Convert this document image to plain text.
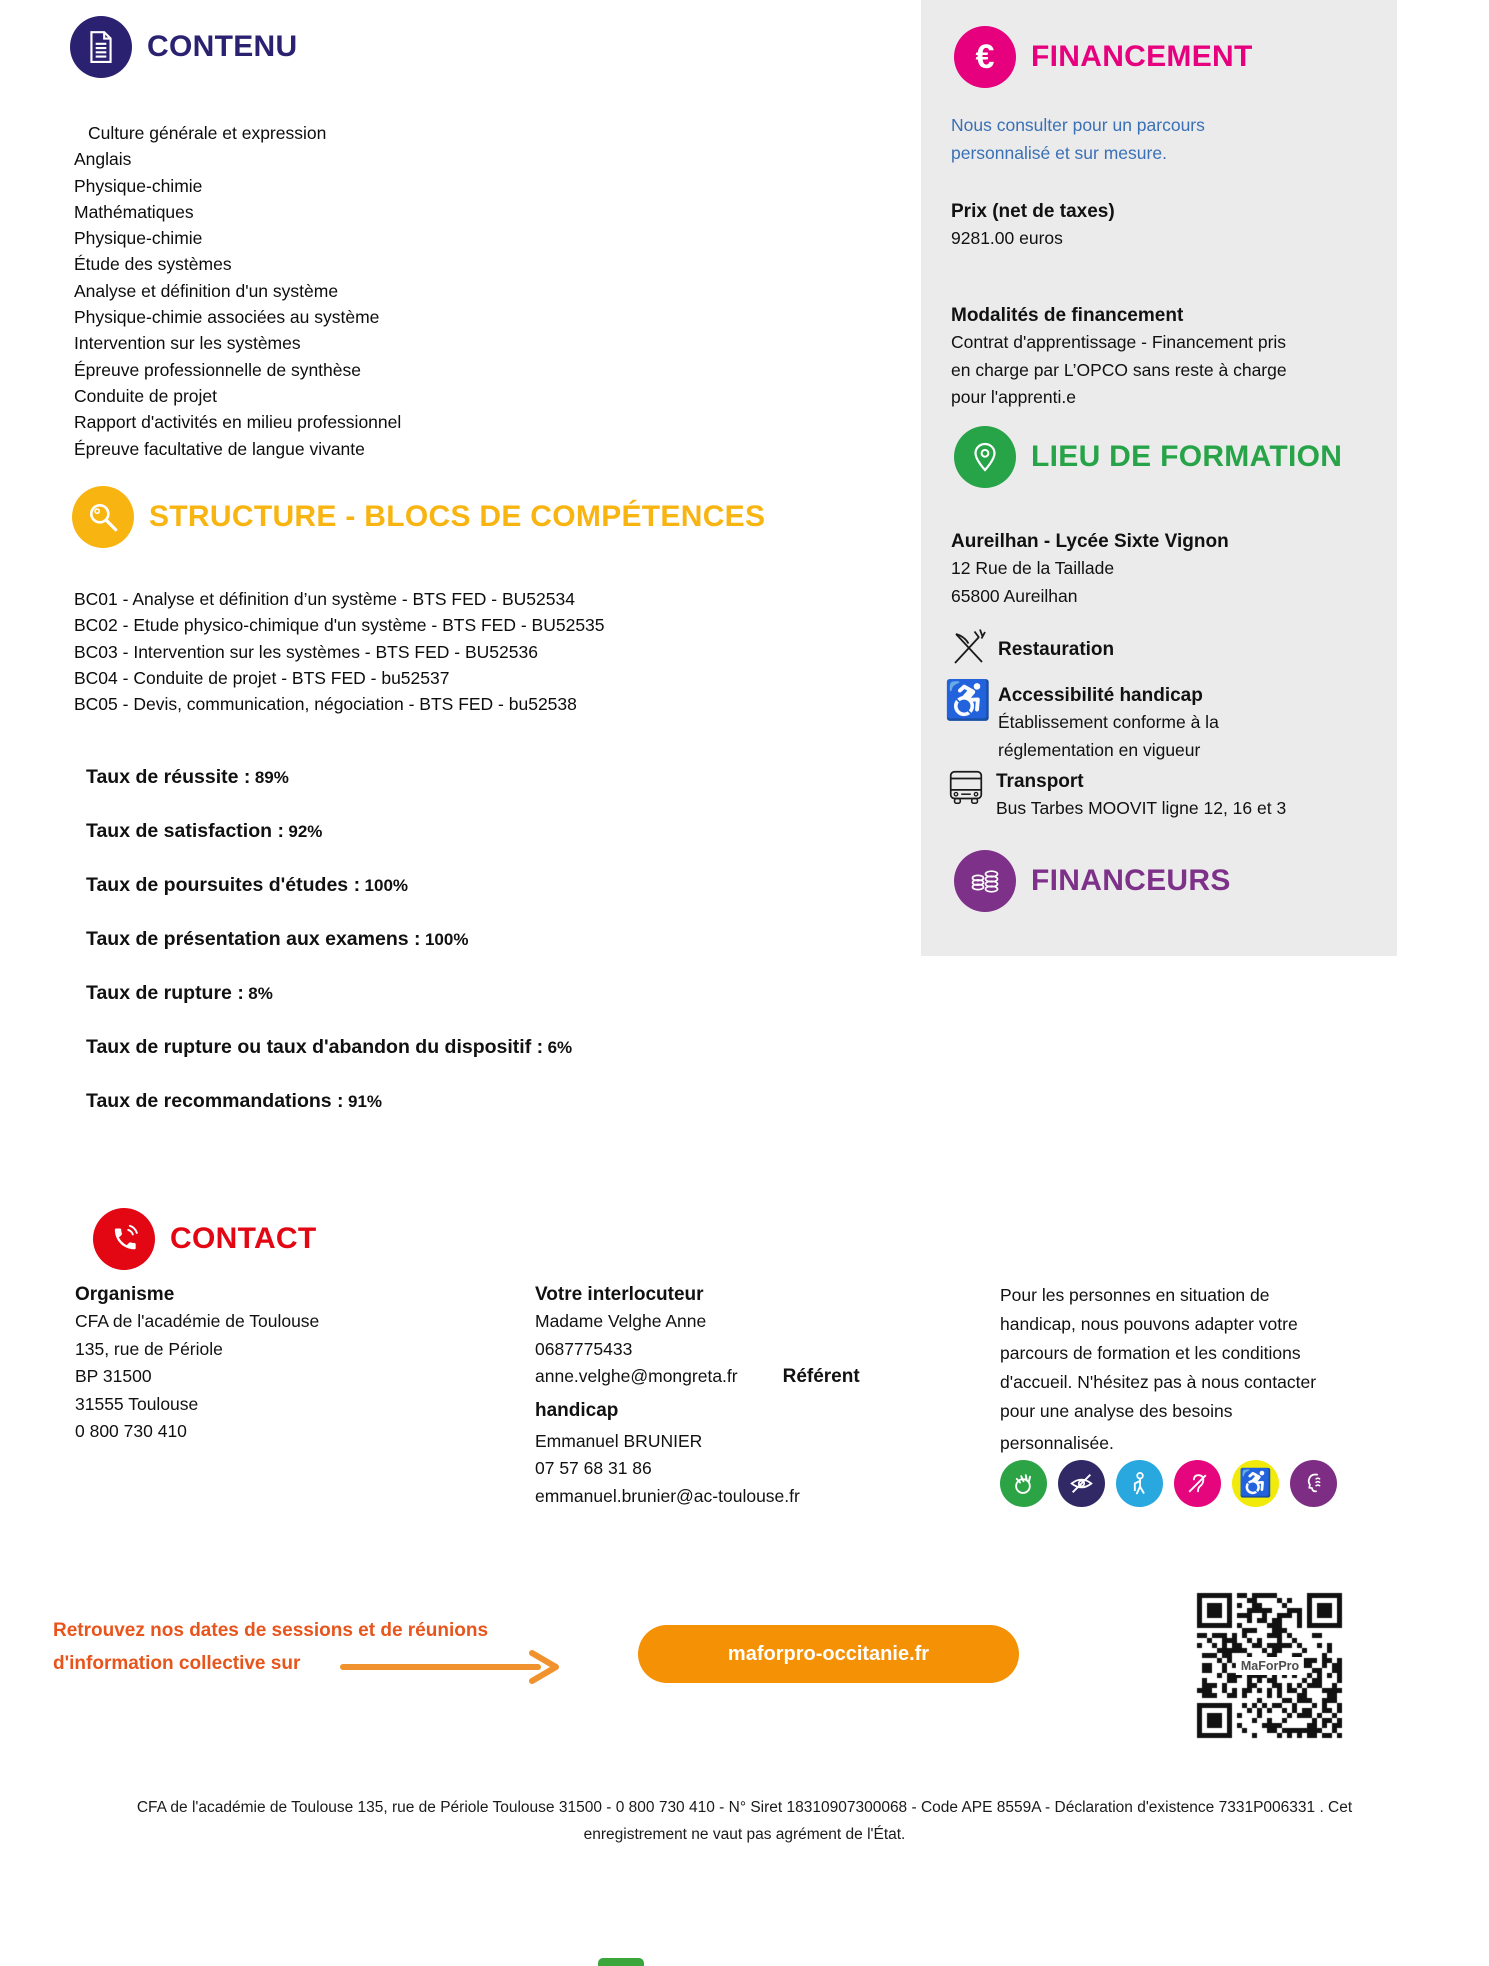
CONTENU
Culture générale et expression
Anglais
Physique-chimie
Mathématiques
Physique-chimie
Étude des systèmes
Analyse et définition d'un système
Physique-chimie associées au système
Intervention sur les systèmes
Épreuve professionnelle de synthèse
Conduite de projet
Rapport d'activités en milieu professionnel
Épreuve facultative de langue vivante
STRUCTURE - BLOCS DE COMPÉTENCES
BC01 - Analyse et définition d’un système - BTS FED - BU52534
BC02 - Etude physico-chimique d'un système - BTS FED - BU52535
BC03 - Intervention sur les systèmes - BTS FED - BU52536
BC04 - Conduite de projet - BTS FED - bu52537
BC05 - Devis, communication, négociation - BTS FED - bu52538
Taux de réussite : 89%
Taux de satisfaction : 92%
Taux de poursuites d'études : 100%
Taux de présentation aux examens : 100%
Taux de rupture : 8%
Taux de rupture ou taux d'abandon du dispositif : 6%
Taux de recommandations : 91%
€ FINANCEMENT
Nous consulter pour un parcours
personnalisé et sur mesure.
Prix (net de taxes)
9281.00 euros
Modalités de financement
Contrat d'apprentissage - Financement pris
en charge par L’OPCO sans reste à charge
pour l'apprenti.e
LIEU DE FORMATION
Aureilhan - Lycée Sixte Vignon
12 Rue de la Taillade
65800 Aureilhan
Restauration
♿ Accessibilité handicap
Établissement conforme à la
réglementation en vigueur
Transport
Bus Tarbes MOOVIT ligne 12, 16 et 3
FINANCEURS
CONTACT
Organisme
CFA de l'académie de Toulouse
135, rue de Périole
BP 31500
31555 Toulouse
0 800 730 410
Votre interlocuteur
Madame Velghe Anne
0687775433
anne.velghe@mongreta.fr Référent
handicap
Emmanuel BRUNIER
07 57 68 31 86
emmanuel.brunier@ac-toulouse.fr
Pour les personnes en situation de
handicap, nous pouvons adapter votre
parcours de formation et les conditions
d'accueil. N'hésitez pas à nous contacter
pour une analyse des besoins
personnalisée.
♿
Retrouvez nos dates de sessions et de réunions
d'information collective sur	maforpro-occitanie.fr
MaForPro
CFA de l'académie de Toulouse 135, rue de Périole Toulouse 31500 - 0 800 730 410 - N° Siret 18310907300068 - Code APE 8559A - Déclaration d'existence 7331P006331 . Cet
enregistrement ne vaut pas agrément de l'État.
